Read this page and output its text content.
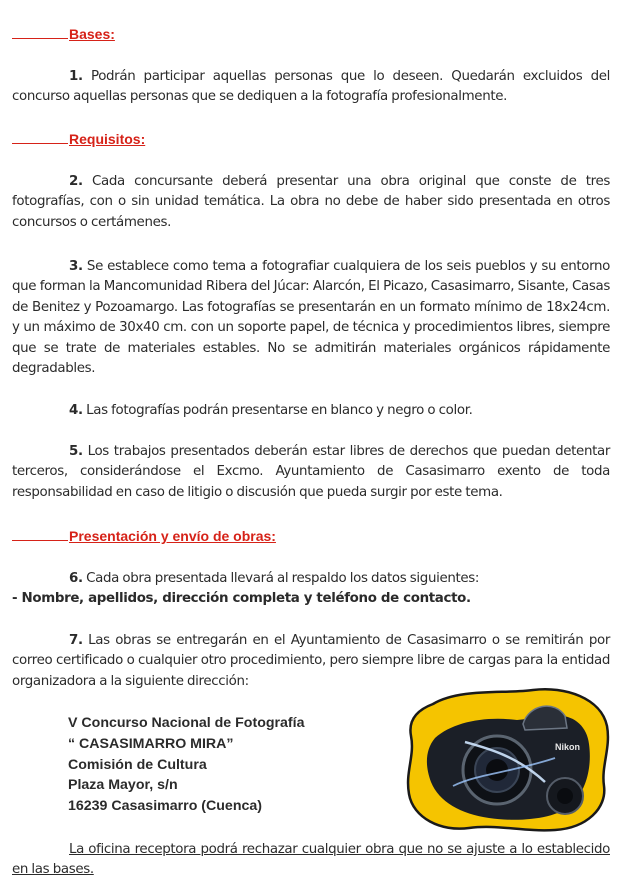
Bases:
1. Podrán participar aquellas personas que lo deseen. Quedarán excluidos del concurso aquellas personas que se dediquen a la fotografía profesionalmente.
Requisitos:
2. Cada concursante deberá presentar una obra original que conste de tres fotografías, con o sin unidad temática. La obra no debe de haber sido presentada en otros concursos o certámenes.
3. Se establece como tema a fotografiar cualquiera de los seis pueblos y su entorno que forman la Mancomunidad Ribera del Júcar: Alarcón, El Picazo, Casasimarro, Sisante, Casas de Benitez y Pozoamargo. Las fotografías se presentarán en un formato mínimo de 18x24cm. y un máximo de 30x40 cm. con un soporte papel, de técnica y procedimientos libres, siempre que se trate de materiales estables. No se admitirán materiales orgánicos rápidamente degradables.
4. Las fotografías podrán presentarse en blanco y negro o color.
5. Los trabajos presentados deberán estar libres de derechos que puedan detentar terceros, considerándose el Excmo. Ayuntamiento de Casasimarro exento de toda responsabilidad en caso de litigio o discusión que pueda surgir por este tema.
Presentación y envío de obras:
6. Cada obra presentada llevará al respaldo los datos siguientes:
- Nombre, apellidos, dirección completa y teléfono de contacto.
7. Las obras se entregarán en el Ayuntamiento de Casasimarro o se remitirán por correo certificado o cualquier otro procedimiento, pero siempre libre de cargas para la entidad organizadora a la siguiente dirección:
V Concurso Nacional de Fotografía
“ CASASIMARRO MIRA”
Comisión de Cultura
Plaza Mayor, s/n
16239 Casasimarro (Cuenca)
Nikon
La oficina receptora podrá rechazar cualquier obra que no se ajuste a lo establecido en las bases.
